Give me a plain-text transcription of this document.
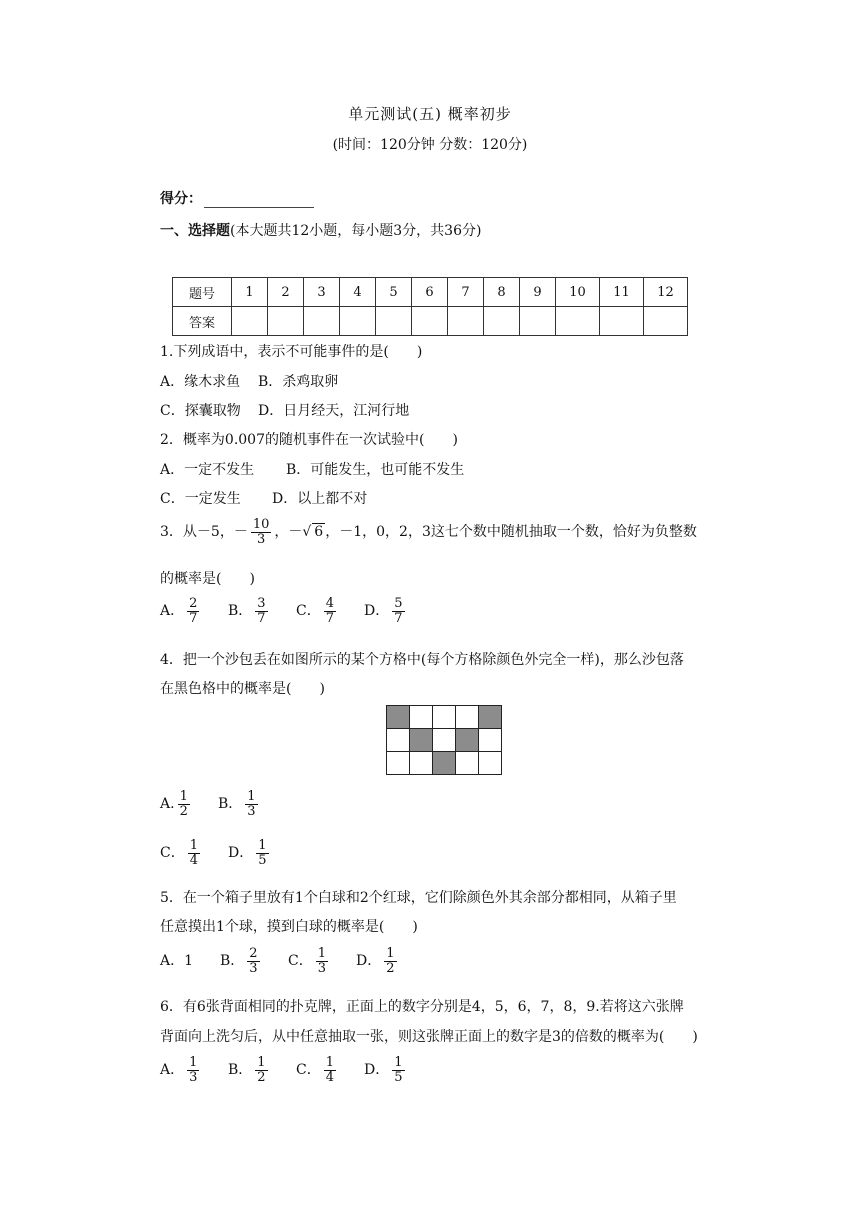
单元测试(五) 概率初步
(时间：120分钟 分数：120分)
得分：
一、选择题(本大题共12小题，每小题3分，共36分)
题号	1	2	3	4	5	6	7	8	9	10	11	12
答案												
1.下列成语中，表示不可能事件的是(　　)
A．缘木求鱼 B．杀鸡取卵
C．探囊取物 D．日月经天，江河行地
2．概率为0.007的随机事件在一次试验中(　　)
A．一定不发生 B．可能发生，也可能不发生
C．一定发生 D．以上都不对
3．从－5，－ $\frac{10}{3}$ ，－√ 6 ，－1，0，2，3这七个数中随机抽取一个数，恰好为负整数
的概率是(　　)
A． $\frac{2}{7}$ B． $\frac{3}{7}$ C． $\frac{4}{7}$ D． $\frac{5}{7}$
4．把一个沙包丢在如图所示的某个方格中(每个方格除颜色外完全一样)，那么沙包落
在黑色格中的概率是(　　)

A. $\frac{1}{2}$ B． $\frac{1}{3}$
C． $\frac{1}{4}$ D． $\frac{1}{5}$
5．在一个箱子里放有1个白球和2个红球，它们除颜色外其余部分都相同，从箱子里
任意摸出1个球，摸到白球的概率是(　　)
A．1 B． $\frac{2}{3}$ C． $\frac{1}{3}$ D． $\frac{1}{2}$
6．有6张背面相同的扑克牌，正面上的数字分别是4，5，6，7，8，9.若将这六张牌
背面向上洗匀后，从中任意抽取一张，则这张牌正面上的数字是3的倍数的概率为(　　)
A． $\frac{1}{3}$ B． $\frac{1}{2}$ C． $\frac{1}{4}$ D． $\frac{1}{5}$
